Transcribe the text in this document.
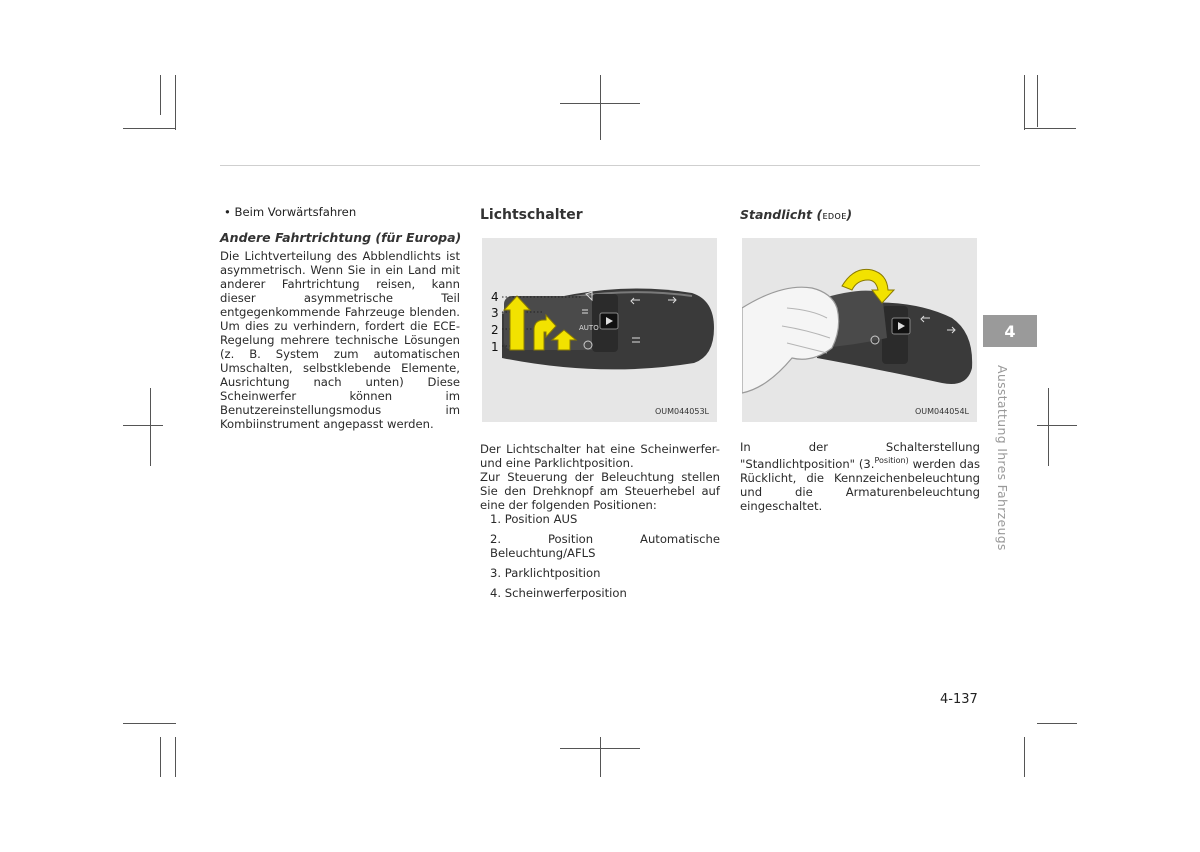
• Beim Vorwärtsfahren
Andere Fahrtrichtung (für Europa)
Die Lichtverteilung des Abblendlichts ist asymmetrisch. Wenn Sie in ein Land mit anderer Fahrtrichtung reisen, kann dieser asymmetrische Teil entgegenkommende Fahrzeuge blenden. Um dies zu verhindern, fordert die ECE-Regelung mehrere technische Lösungen (z. B. System zum automatischen Umschalten, selbstklebende Elemente, Ausrichtung nach unten) Diese Scheinwerfer können im Benutzereinstellungsmodus im Kombiinstrument angepasst werden.
Lichtschalter
AUTO
4
3
2
1
OUM044053L
Der Lichtschalter hat eine Scheinwerfer- und eine Parklichtposition.
Zur Steuerung der Beleuchtung stellen Sie den Drehknopf am Steuerhebel auf eine der folgenden Positionen:
1. Position AUS
2. Position Automatische Beleuchtung/AFLS
3. Parklichtposition
4. Scheinwerferposition
Standlicht (ᴇᴅᴏᴇ)
OUM044054L
In der Schalterstellung "Standlichtposition" (3.$^{Position)}$ werden das Rücklicht, die Kennzeichenbeleuchtung und die Armaturenbeleuchtung eingeschaltet.
4
Ausstattung Ihres Fahrzeugs
4-137
